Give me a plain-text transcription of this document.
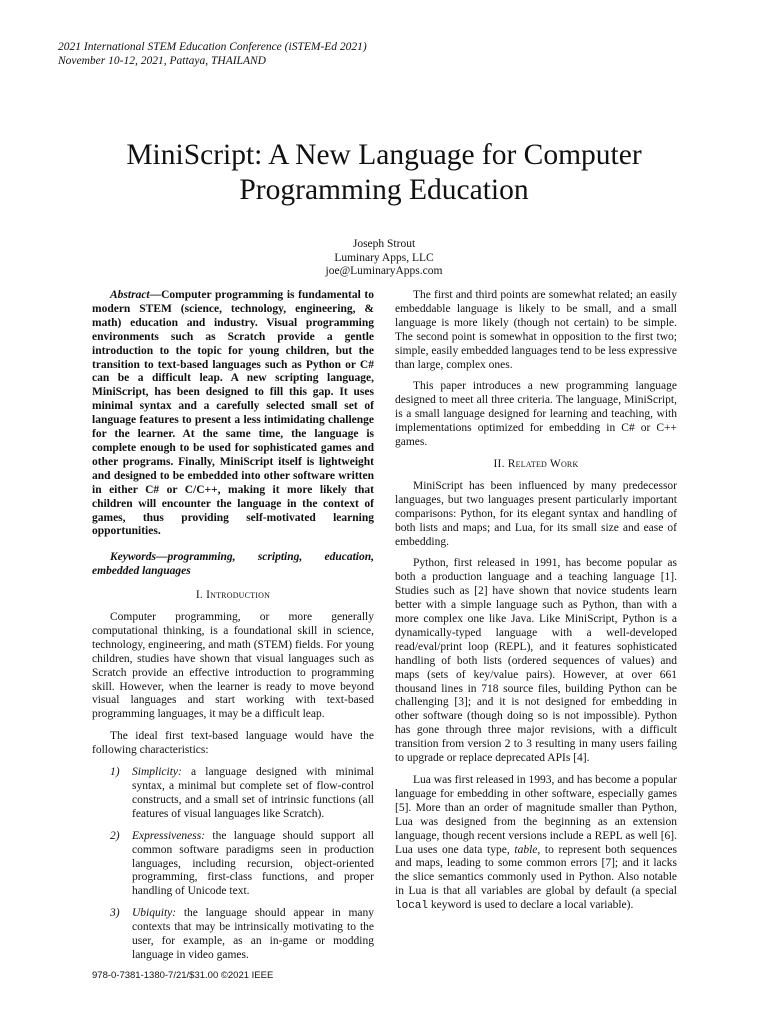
2021 International STEM Education Conference (iSTEM-Ed 2021)
November 10-12, 2021, Pattaya, THAILAND
MiniScript: A New Language for Computer
Programming Education
Joseph Strout
Luminary Apps, LLC
joe@LuminaryApps.com

Abstract—Computer programming is fundamental to modern STEM (science, technology, engineering, & math) education and industry. Visual programming environments such as Scratch provide a gentle introduction to the topic for young children, but the transition to text-based languages such as Python or C# can be a difficult leap. A new scripting language, MiniScript, has been designed to fill this gap. It uses minimal syntax and a carefully selected small set of language features to present a less intimidating challenge for the learner. At the same time, the language is complete enough to be used for sophisticated games and other programs. Finally, MiniScript itself is lightweight and designed to be embedded into other software written in either C# or C/C++, making it more likely that children will encounter the language in the context of games, thus providing self-motivated learning opportunities.

Keywords—programming, scripting, education, embedded languages

I. Introduction

Computer programming, or more generally computational thinking, is a foundational skill in science, technology, engineering, and math (STEM) fields. For young children, studies have shown that visual languages such as Scratch provide an effective introduction to programming skill. However, when the learner is ready to move beyond visual languages and start working with text-based programming languages, it may be a difficult leap.

The ideal first text-based language would have the following characteristics:

1)	Simplicity: a language designed with minimal syntax, a minimal but complete set of flow-control constructs, and a small set of intrinsic functions (all features of visual languages like Scratch).
2)	Expressiveness: the language should support all common software paradigms seen in production languages, including recursion, object-oriented programming, first-class functions, and proper handling of Unicode text.
3)	Ubiquity: the language should appear in many contexts that may be intrinsically motivating to the user, for example, as an in-game or modding language in video games.

The first and third points are somewhat related; an easily embeddable language is likely to be small, and a small language is more likely (though not certain) to be simple. The second point is somewhat in opposition to the first two; simple, easily embedded languages tend to be less expressive than large, complex ones.

This paper introduces a new programming language designed to meet all three criteria. The language, MiniScript, is a small language designed for learning and teaching, with implementations optimized for embedding in C# or C++ games.

II. Related Work

MiniScript has been influenced by many predecessor languages, but two languages present particularly important comparisons: Python, for its elegant syntax and handling of both lists and maps; and Lua, for its small size and ease of embedding.

Python, first released in 1991, has become popular as both a production language and a teaching language [1]. Studies such as [2] have shown that novice students learn better with a simple language such as Python, than with a more complex one like Java. Like MiniScript, Python is a dynamically-typed language with a well-developed read/eval/print loop (REPL), and it features sophisticated handling of both lists (ordered sequences of values) and maps (sets of key/value pairs). However, at over 661 thousand lines in 718 source files, building Python can be challenging [3]; and it is not designed for embedding in other software (though doing so is not impossible). Python has gone through three major revisions, with a difficult transition from version 2 to 3 resulting in many users failing to upgrade or replace deprecated APIs [4].

Lua was first released in 1993, and has become a popular language for embedding in other software, especially games [5]. More than an order of magnitude smaller than Python, Lua was designed from the beginning as an extension language, though recent versions include a REPL as well [6]. Lua uses one data type, table, to represent both sequences and maps, leading to some common errors [7]; and it lacks the slice semantics commonly used in Python. Also notable in Lua is that all variables are global by default (a special local keyword is used to declare a local variable).

978-0-7381-1380-7/21/$31.00 ©2021 IEEE
